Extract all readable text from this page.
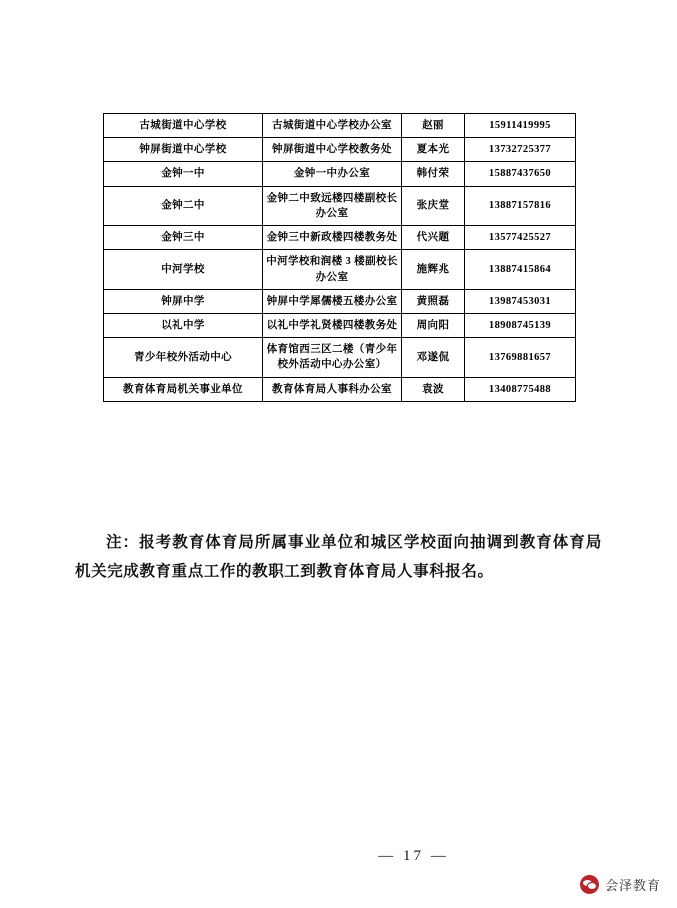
古城街道中心学校	古城街道中心学校办公室	赵丽	15911419995
钟屏街道中心学校	钟屏街道中心学校教务处	夏本光	13732725377
金钟一中	金钟一中办公室	韩付荣	15887437650
金钟二中	金钟二中致远楼四楼副校长办公室	张庆堂	13887157816
金钟三中	金钟三中新政楼四楼教务处	代兴题	13577425527
中河学校	中河学校和润楼 3 楼副校长办公室	施辉兆	13887415864
钟屏中学	钟屏中学犀儒楼五楼办公室	黄照磊	13987453031
以礼中学	以礼中学礼贤楼四楼教务处	周向阳	18908745139
青少年校外活动中心	体育馆西三区二楼（青少年校外活动中心办公室）	邓遂侃	13769881657
教育体育局机关事业单位	教育体育局人事科办公室	袁波	13408775488
注：报考教育体育局所属事业单位和城区学校面向抽调到教育体育局机关完成教育重点工作的教职工到教育体育局人事科报名。
— 17 —
会泽教育
